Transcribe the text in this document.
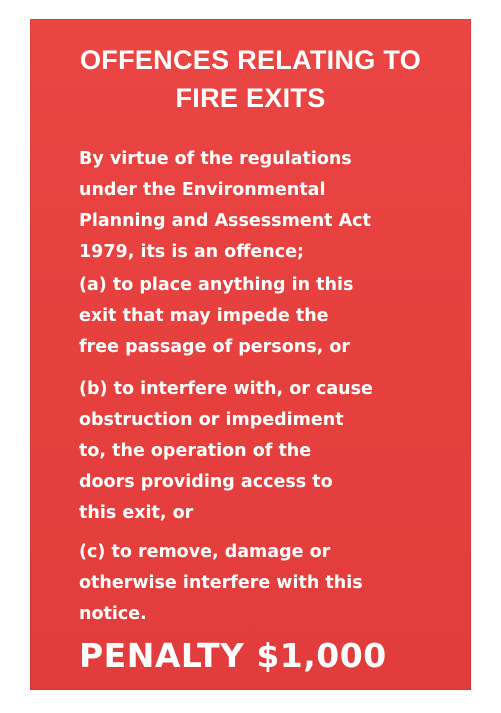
OFFENCES RELATING TO
FIRE EXITS
By virtue of the regulations
under the Environmental
Planning and Assessment Act
1979, its is an offence;
(a) to place anything in this
exit that may impede the
free passage of persons, or
(b) to interfere with, or cause
obstruction or impediment
to, the operation of the
doors providing access to
this exit, or
(c) to remove, damage or
otherwise interfere with this
notice.
PENALTY $1,000
